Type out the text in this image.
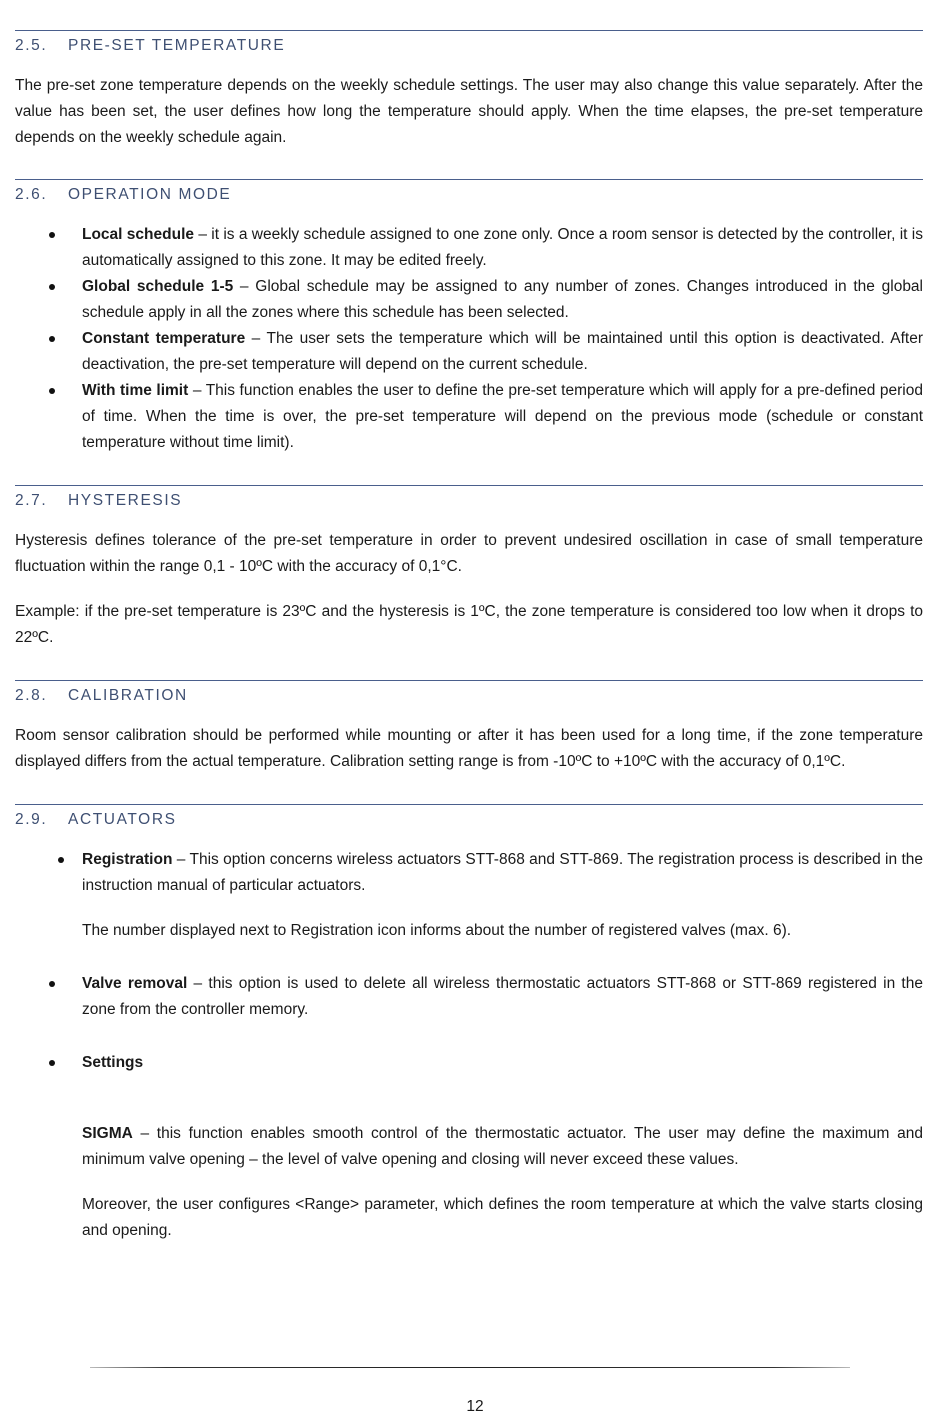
2.5. PRE-SET TEMPERATURE

The pre-set zone temperature depends on the weekly schedule settings. The user may also change this value separately. After the value has been set, the user defines how long the temperature should apply. When the time elapses, the pre-set temperature depends on the weekly schedule again.

2.6. OPERATION MODE
Local schedule – it is a weekly schedule assigned to one zone only. Once a room sensor is detected by the controller, it is automatically assigned to this zone. It may be edited freely.
Global schedule 1-5 – Global schedule may be assigned to any number of zones. Changes introduced in the global schedule apply in all the zones where this schedule has been selected.
Constant temperature – The user sets the temperature which will be maintained until this option is deactivated. After deactivation, the pre-set temperature will depend on the current schedule.
With time limit – This function enables the user to define the pre-set temperature which will apply for a pre-defined period of time. When the time is over, the pre-set temperature will depend on the previous mode (schedule or constant temperature without time limit).
2.7. HYSTERESIS

Hysteresis defines tolerance of the pre-set temperature in order to prevent undesired oscillation in case of small temperature fluctuation within the range 0,1 - 10ºC with the accuracy of 0,1°C.

Example: if the pre-set temperature is 23ºC and the hysteresis is 1ºC, the zone temperature is considered too low when it drops to 22ºC.

2.8. CALIBRATION

Room sensor calibration should be performed while mounting or after it has been used for a long time, if the zone temperature displayed differs from the actual temperature. Calibration setting range is from -10ºC to +10ºC with the accuracy of 0,1ºC.

2.9. ACTUATORS
Registration – This option concerns wireless actuators STT-868 and STT-869. The registration process is described in the instruction manual of particular actuators.

The number displayed next to Registration icon informs about the number of registered valves (max. 6).

Valve removal – this option is used to delete all wireless thermostatic actuators STT-868 or STT-869 registered in the zone from the controller memory.
Settings

SIGMA – this function enables smooth control of the thermostatic actuator. The user may define the maximum and minimum valve opening – the level of valve opening and closing will never exceed these values.

Moreover, the user configures <Range> parameter, which defines the room temperature at which the valve starts closing and opening.

12
